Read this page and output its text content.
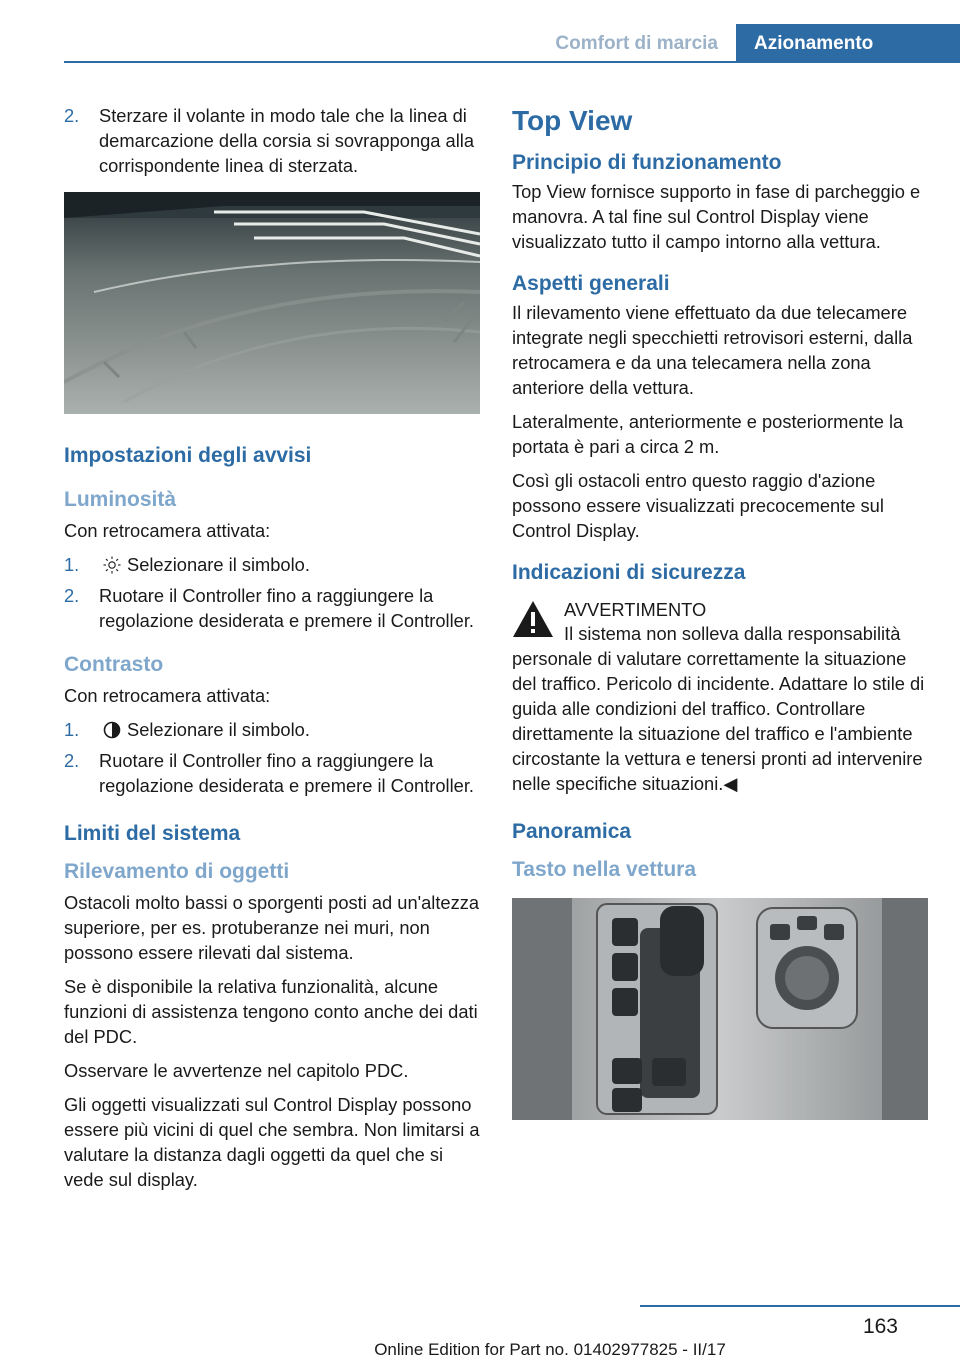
Comfort di marcia	Azionamento
2.	Sterzare il volante in modo tale che la linea di demarcazione della corsia si sovrapponga alla corrispondente linea di sterzata.
Impostazioni degli avvisi
Luminosità

Con retrocamera attivata:

1.	Selezionare il simbolo.
2.	Ruotare il Controller fino a raggiungere la regolazione desiderata e premere il Controller.
Contrasto

Con retrocamera attivata:

1.	Selezionare il simbolo.
2.	Ruotare il Controller fino a raggiungere la regolazione desiderata e premere il Controller.
Limiti del sistema
Rilevamento di oggetti

Ostacoli molto bassi o sporgenti posti ad un'altezza superiore, per es. protuberanze nei muri, non possono essere rilevati dal sistema.

Se è disponibile la relativa funzionalità, alcune funzioni di assistenza tengono conto anche dei dati del PDC.

Osservare le avvertenze nel capitolo PDC.

Gli oggetti visualizzati sul Control Display possono essere più vicini di quel che sembra. Non limitarsi a valutare la distanza dagli oggetti da quel che si vede sul display.

Top View
Principio di funzionamento

Top View fornisce supporto in fase di parcheggio e manovra. A tal fine sul Control Display viene visualizzato tutto il campo intorno alla vettura.

Aspetti generali

Il rilevamento viene effettuato da due telecamere integrate negli specchietti retrovisori esterni, dalla retrocamera e da una telecamera nella zona anteriore della vettura.

Lateralmente, anteriormente e posteriormente la portata è pari a circa 2 m.

Così gli ostacoli entro questo raggio d'azione possono essere visualizzati precocemente sul Control Display.

Indicazioni di sicurezza
AVVERTIMENTO

Il sistema non solleva dalla responsabilità personale di valutare correttamente la situazione del traffico. Pericolo di incidente. Adattare lo stile di guida alle condizioni del traffico. Controllare direttamente la situazione del traffico e l'ambiente circostante la vettura e tenersi pronti ad intervenire nelle specifiche situazioni.◀

Panoramica
Tasto nella vettura
163
Online Edition for Part no. 01402977825 - II/17
